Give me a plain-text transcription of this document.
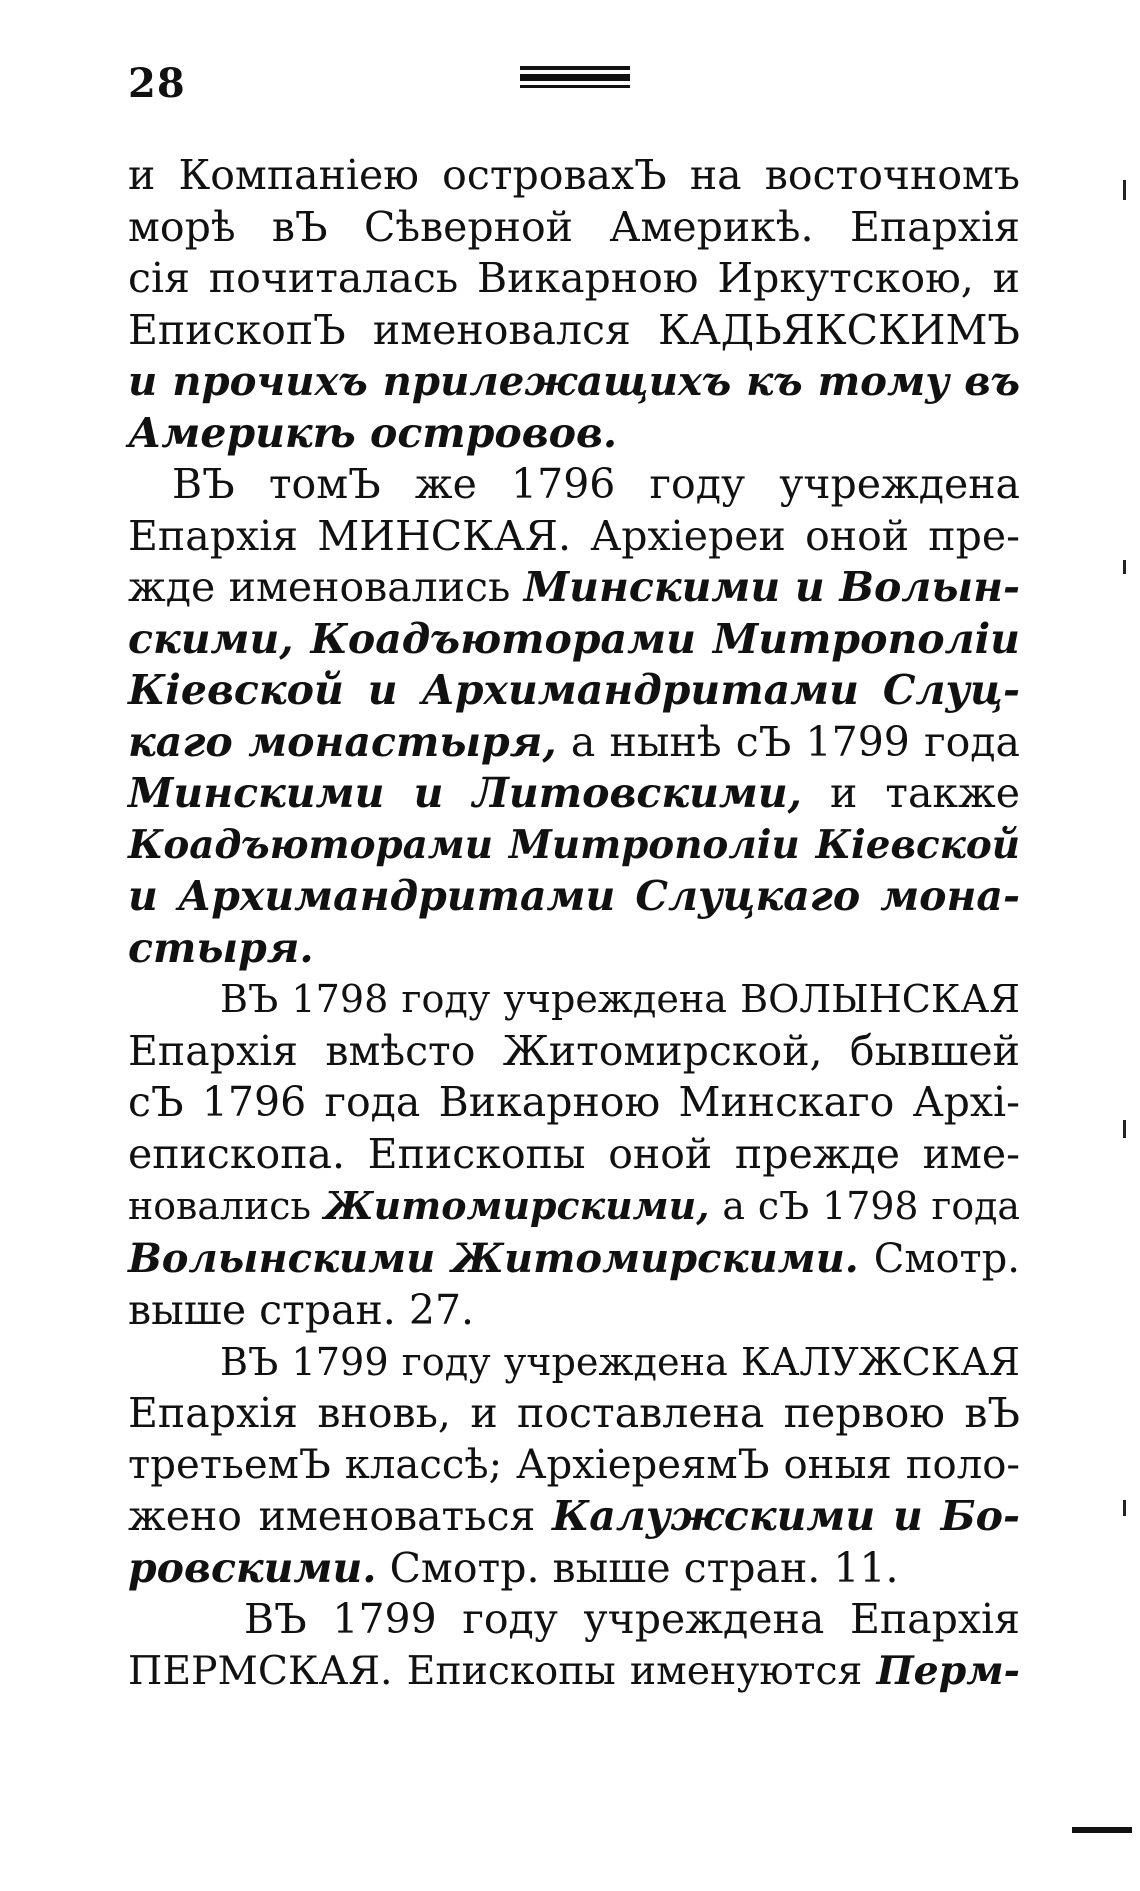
28

и Компанiею островахЪ на восточномъ
морѣ вЪ Сѣверной Америкѣ. Епархiя
сiя почиталась Викарною Иркутскою, и
ЕпископЪ именовался КАДЬЯКСКИМЪ
и прочихъ прилежащихъ къ тому въ
Америкѣ островов.

ВЪ томЪ же 1796 году учреждена
Епархiя МИНСКАЯ. Архiереи оной пре-
жде именовались Минскими и Волын-
скими, Коадъюторами Митрополiи
Кiевской и Архимандритами Слуц-
каго монастыря, а нынѣ сЪ 1799 года
Минскими и Литовскими, и также
Коадъюторами Митрополiи Кiевской
и Архимандритами Слуцкаго мона-
стыря.

ВЪ 1798 году учреждена ВОЛЫНСКАЯ
Епархiя вмѣсто Житомирской, бывшей
сЪ 1796 года Викарною Минскаго Архi-
епископа. Епископы оной прежде име-
новались Житомирскими, а сЪ 1798 года
Волынскими Житомирскими. Смотр.
выше стран. 27.

ВЪ 1799 году учреждена КАЛУЖСКАЯ
Епархiя вновь, и поставлена первою вЪ
третьемЪ классѣ; АрхiереямЪ оныя поло-
жено именоваться Калужскими и Бо-
ровскими. Смотр. выше стран. 11.

ВЪ 1799 году учреждена Епархiя
ПЕРМСКАЯ. Епископы именуются Перм-
